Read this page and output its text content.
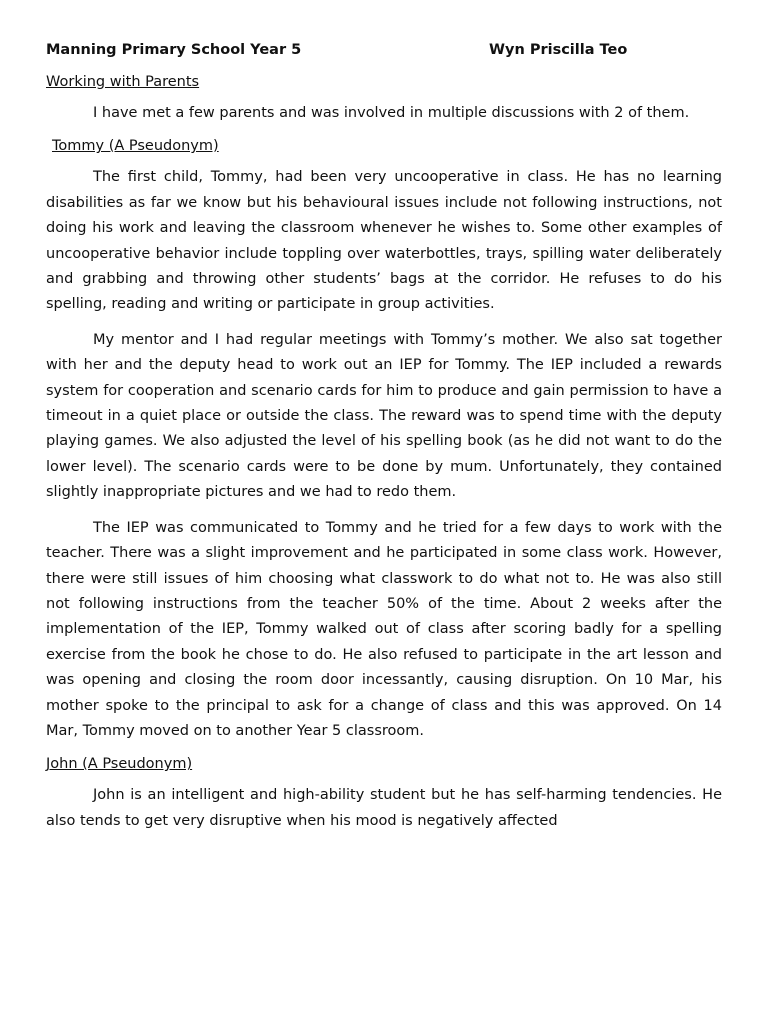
Manning Primary School Year 5	Wyn Priscilla Teo
Working with Parents

I have met a few parents and was involved in multiple discussions with 2 of them.

Tommy (A Pseudonym)

The first child, Tommy, had been very uncooperative in class. He has no learning disabilities as far we know but his behavioural issues include not following instructions, not doing his work and leaving the classroom whenever he wishes to. Some other examples of uncooperative behavior include toppling over waterbottles, trays, spilling water deliberately and grabbing and throwing other students’ bags at the corridor. He refuses to do his spelling, reading and writing or participate in group activities.

My mentor and I had regular meetings with Tommy’s mother. We also sat together with her and the deputy head to work out an IEP for Tommy. The IEP included a rewards system for cooperation and scenario cards for him to produce and gain permission to have a timeout in a quiet place or outside the class. The reward was to spend time with the deputy playing games. We also adjusted the level of his spelling book (as he did not want to do the lower level). The scenario cards were to be done by mum. Unfortunately, they contained slightly inappropriate pictures and we had to redo them.

The IEP was communicated to Tommy and he tried for a few days to work with the teacher. There was a slight improvement and he participated in some class work. However, there were still issues of him choosing what classwork to do what not to. He was also still not following instructions from the teacher 50% of the time. About 2 weeks after the implementation of the IEP, Tommy walked out of class after scoring badly for a spelling exercise from the book he chose to do. He also refused to participate in the art lesson and was opening and closing the room door incessantly, causing disruption. On 10 Mar, his mother spoke to the principal to ask for a change of class and this was approved. On 14 Mar, Tommy moved on to another Year 5 classroom.

John (A Pseudonym)

John is an intelligent and high-ability student but he has self-harming tendencies. He also tends to get very disruptive when his mood is negatively affected
